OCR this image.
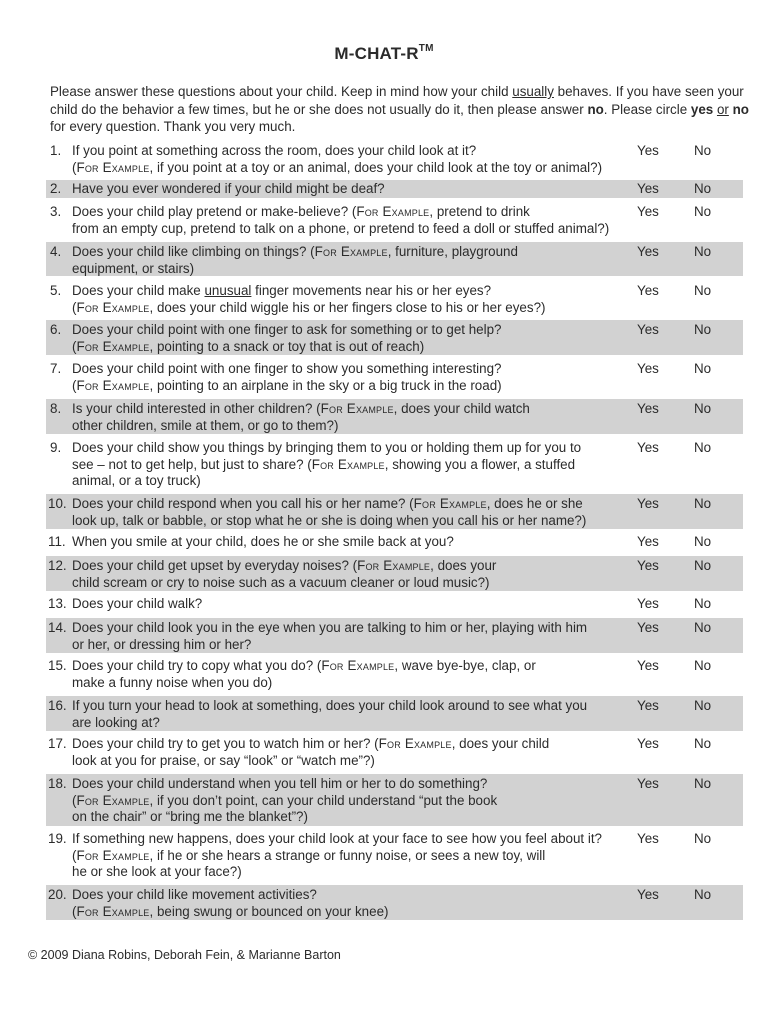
M-CHAT-R™
Please answer these questions about your child. Keep in mind how your child usually behaves. If you have seen your child do the behavior a few times, but he or she does not usually do it, then please answer no. Please circle yes or no for every question. Thank you very much.
1. If you point at something across the room, does your child look at it?
(For Example, if you point at a toy or an animal, does your child look at the toy or animal?)
Yes	No
2. Have you ever wondered if your child might be deaf?	Yes	No
3. Does your child play pretend or make-believe? (For Example, pretend to drink
from an empty cup, pretend to talk on a phone, or pretend to feed a doll or stuffed animal?)
Yes	No
4. Does your child like climbing on things? (For Example, furniture, playground
equipment, or stairs)
Yes	No
5. Does your child make unusual finger movements near his or her eyes?
(For Example, does your child wiggle his or her fingers close to his or her eyes?)
Yes	No
6. Does your child point with one finger to ask for something or to get help?
(For Example, pointing to a snack or toy that is out of reach)
Yes	No
7. Does your child point with one finger to show you something interesting?
(For Example, pointing to an airplane in the sky or a big truck in the road)
Yes	No
8. Is your child interested in other children? (For Example, does your child watch
other children, smile at them, or go to them?)
Yes	No
9. Does your child show you things by bringing them to you or holding them up for you to
see – not to get help, but just to share? (For Example, showing you a flower, a stuffed
animal, or a toy truck)
Yes	No
10. Does your child respond when you call his or her name? (For Example, does he or she
look up, talk or babble, or stop what he or she is doing when you call his or her name?)
Yes	No
11. When you smile at your child, does he or she smile back at you?	Yes	No
12. Does your child get upset by everyday noises? (For Example, does your
child scream or cry to noise such as a vacuum cleaner or loud music?)
Yes	No
13. Does your child walk?	Yes	No
14. Does your child look you in the eye when you are talking to him or her, playing with him
or her, or dressing him or her?
Yes	No
15. Does your child try to copy what you do? (For Example, wave bye-bye, clap, or
make a funny noise when you do)
Yes	No
16. If you turn your head to look at something, does your child look around to see what you
are looking at?
Yes	No
17. Does your child try to get you to watch him or her? (For Example, does your child
look at you for praise, or say “look” or “watch me”?)
Yes	No
18. Does your child understand when you tell him or her to do something?
(For Example, if you don’t point, can your child understand “put the book
on the chair” or “bring me the blanket”?)
Yes	No
19. If something new happens, does your child look at your face to see how you feel about it?
(For Example, if he or she hears a strange or funny noise, or sees a new toy, will
he or she look at your face?)
Yes	No
20. Does your child like movement activities?
(For Example, being swung or bounced on your knee)
Yes	No
© 2009 Diana Robins, Deborah Fein, & Marianne Barton
